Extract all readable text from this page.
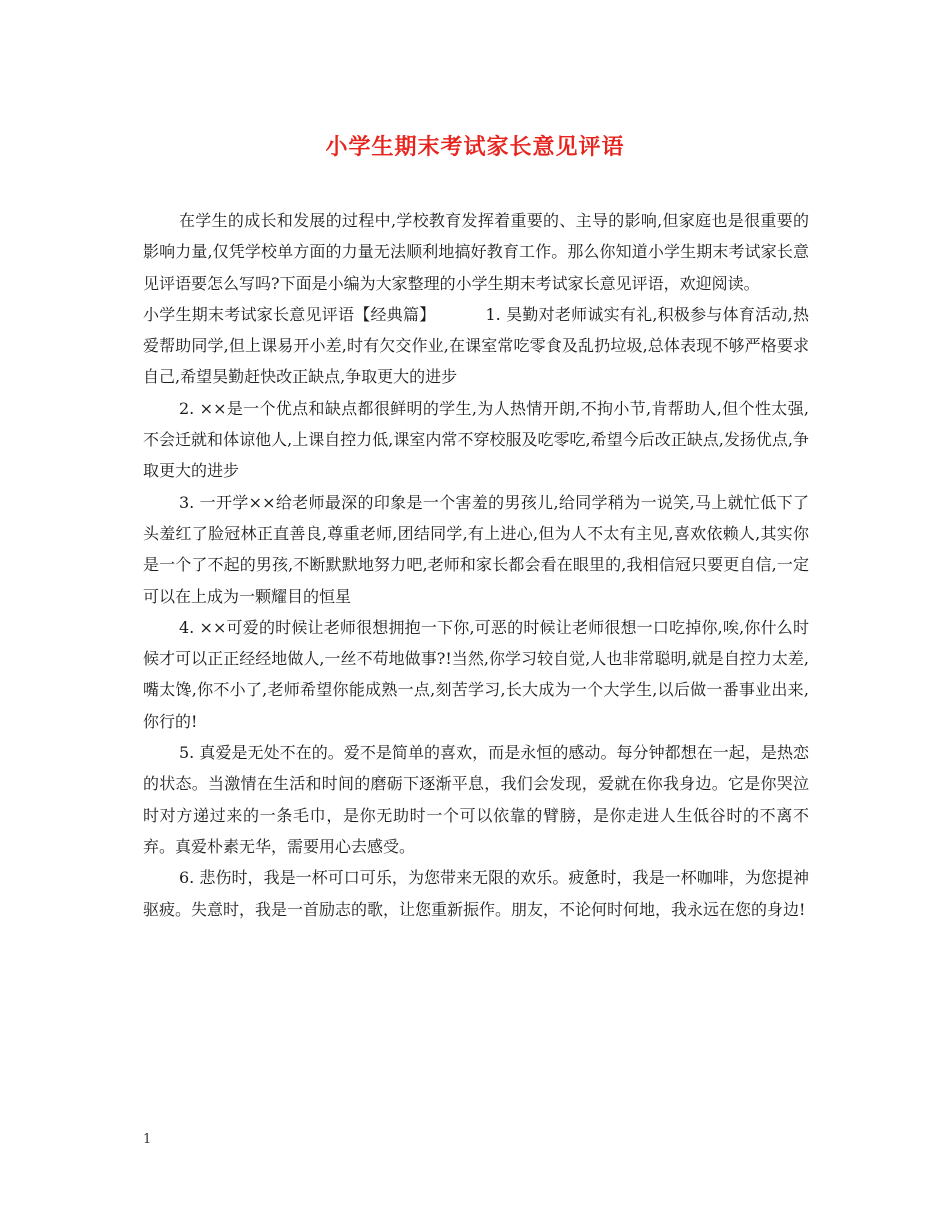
小学生期末考试家长意见评语

在学生的成长和发展的过程中,学校教育发挥着重要的、主导的影响,但家庭也是很重要的影响力量,仅凭学校单方面的力量无法顺利地搞好教育工作。那么你知道小学生期末考试家长意见评语要怎么写吗?下面是小编为大家整理的小学生期末考试家长意见评语，欢迎阅读。

小学生期末考试家长意见评语【经典篇】	1. 昊勤对老师诚实有礼,积极参与体育活动,热爱帮助同学,但上课易开小差,时有欠交作业,在课室常吃零食及乱扔垃圾,总体表现不够严格要求自己,希望昊勤赶快改正缺点,争取更大的进步

2. ××是一个优点和缺点都很鲜明的学生,为人热情开朗,不拘小节,肯帮助人,但个性太强,不会迁就和体谅他人,上课自控力低,课室内常不穿校服及吃零吃,希望今后改正缺点,发扬优点,争取更大的进步

3. 一开学××给老师最深的印象是一个害羞的男孩儿,给同学稍为一说笑,马上就忙低下了头羞红了脸冠林正直善良,尊重老师,团结同学,有上进心,但为人不太有主见,喜欢依赖人,其实你是一个了不起的男孩,不断默默地努力吧,老师和家长都会看在眼里的,我相信冠只要更自信,一定可以在上成为一颗耀目的恒星

4. ××可爱的时候让老师很想拥抱一下你,可恶的时候让老师很想一口吃掉你,唉,你什么时候才可以正正经经地做人,一丝不苟地做事?!当然,你学习较自觉,人也非常聪明,就是自控力太差,嘴太馋,你不小了,老师希望你能成熟一点,刻苦学习,长大成为一个大学生,以后做一番事业出来,你行的!

5. 真爱是无处不在的。爱不是简单的喜欢，而是永恒的感动。每分钟都想在一起，是热恋的状态。当激情在生活和时间的磨砺下逐渐平息，我们会发现，爱就在你我身边。它是你哭泣时对方递过来的一条毛巾，是你无助时一个可以依靠的臂膀，是你走进人生低谷时的不离不弃。真爱朴素无华，需要用心去感受。

6. 悲伤时，我是一杯可口可乐，为您带来无限的欢乐。疲惫时，我是一杯咖啡，为您提神驱疲。失意时，我是一首励志的歌，让您重新振作。朋友，不论何时何地，我永远在您的身边!

1
